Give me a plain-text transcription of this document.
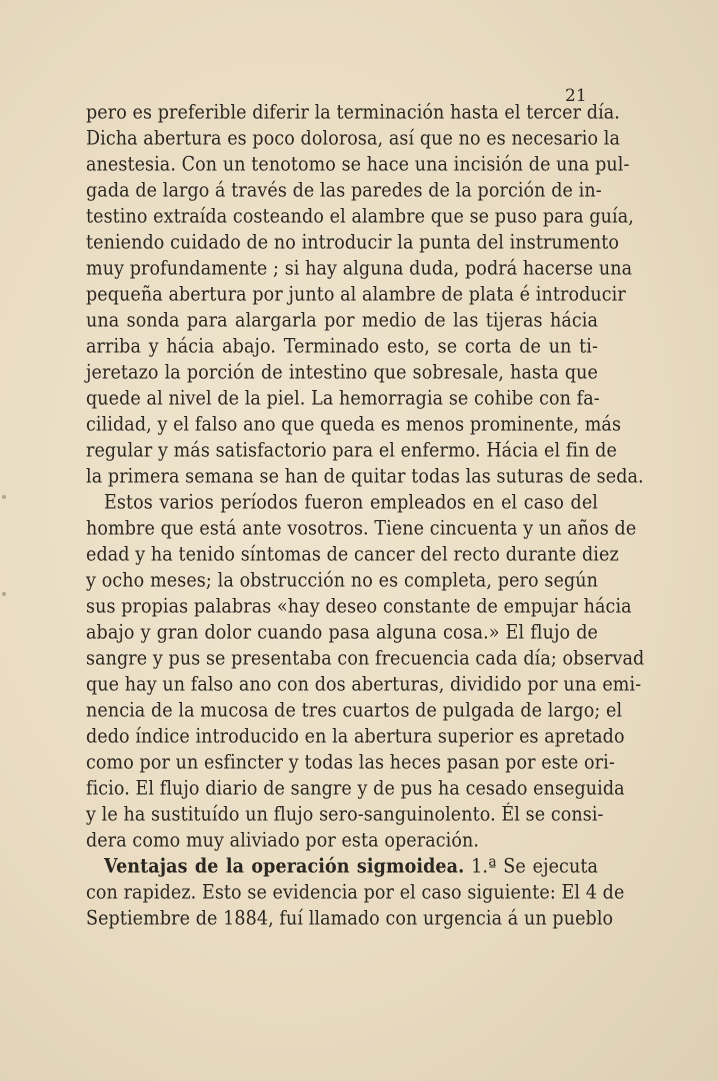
21
pero es preferible diferir la terminación hasta el tercer día.
Dicha abertura es poco dolorosa, así que no es necesario la
anestesia. Con un tenotomo se hace una incisión de una pul-
gada de largo á través de las paredes de la porción de in-
testino extraída costeando el alambre que se puso para guía,
teniendo cuidado de no introducir la punta del instrumento
muy profundamente ; si hay alguna duda, podrá hacerse una
pequeña abertura por junto al alambre de plata é introducir
una sonda para alargarla por medio de las tijeras hácia
arriba y hácia abajo. Terminado esto, se corta de un ti-
jeretazo la porción de intestino que sobresale, hasta que
quede al nivel de la piel. La hemorragia se cohibe con fa-
cilidad, y el falso ano que queda es menos prominente, más
regular y más satisfactorio para el enfermo. Hácia el fin de
la primera semana se han de quitar todas las suturas de seda.
Estos varios períodos fueron empleados en el caso del
hombre que está ante vosotros. Tiene cincuenta y un años de
edad y ha tenido síntomas de cancer del recto durante diez
y ocho meses; la obstrucción no es completa, pero según
sus propias palabras «hay deseo constante de empujar hácia
abajo y gran dolor cuando pasa alguna cosa.» El flujo de
sangre y pus se presentaba con frecuencia cada día; observad
que hay un falso ano con dos aberturas, dividido por una emi-
nencia de la mucosa de tres cuartos de pulgada de largo; el
dedo índice introducido en la abertura superior es apretado
como por un esfincter y todas las heces pasan por este ori-
ficio. El flujo diario de sangre y de pus ha cesado enseguida
y le ha sustituído un flujo sero-sanguinolento. Él se consi-
dera como muy aliviado por esta operación.
Ventajas de la operación sigmoidea. 1.ª Se ejecuta
con rapidez. Esto se evidencia por el caso siguiente: El 4 de
Septiembre de 1884, fuí llamado con urgencia á un pueblo
